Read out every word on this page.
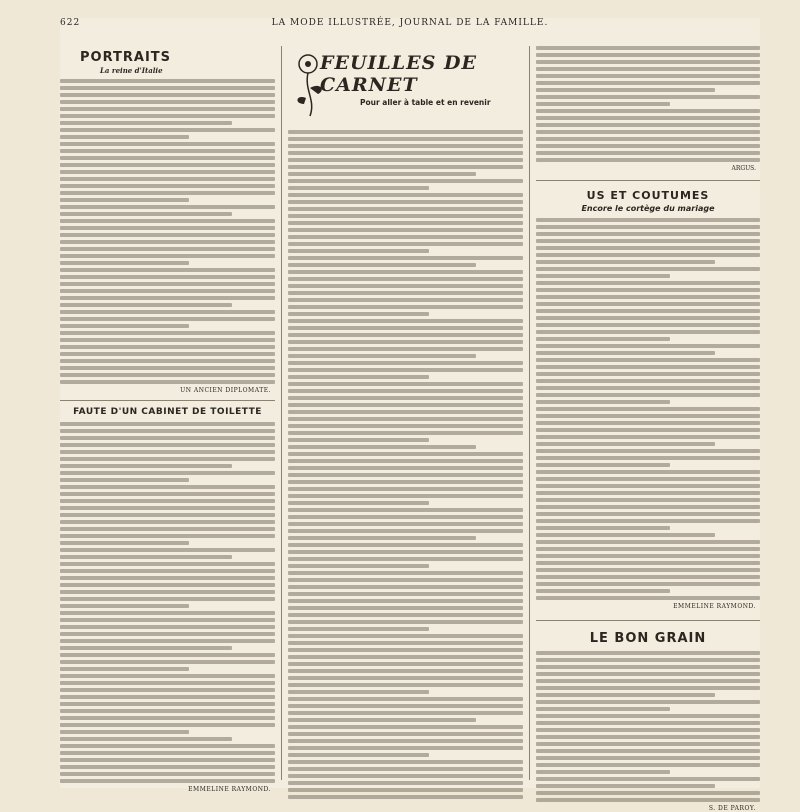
622	LA MODE ILLUSTRÉE, JOURNAL DE LA FAMILLE.
PORTRAITS
La reine d'Italie
UN ANCIEN DIPLOMATE.
FAUTE D'UN CABINET DE TOILETTE
EMMELINE RAYMOND.
FEUILLES DE CARNET
Pour aller à table et en revenir
ARGUS.
US ET COUTUMES
Encore le cortège du mariage
EMMELINE RAYMOND.
LE BON GRAIN
S. DE PAROY.
